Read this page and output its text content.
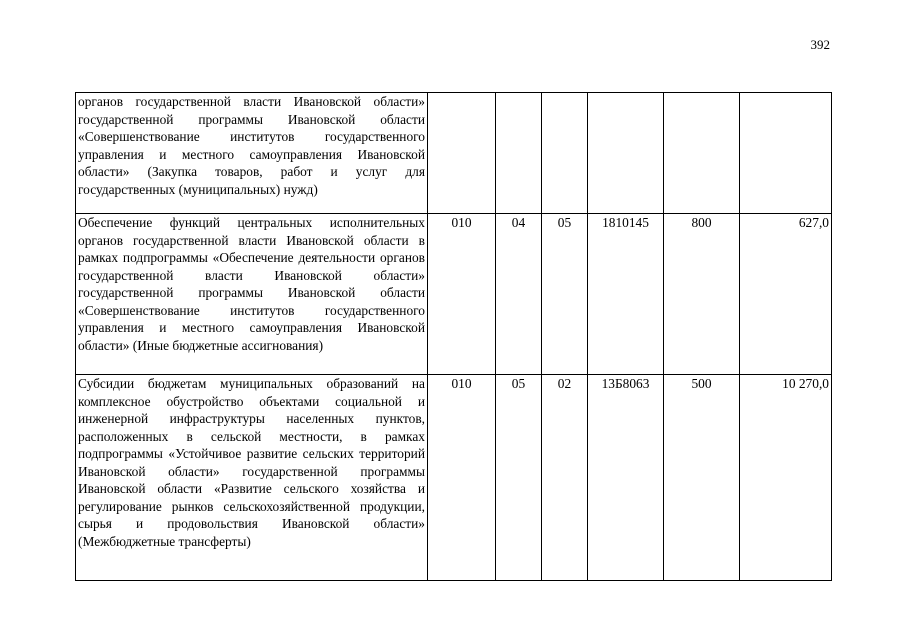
392
органов государственной власти Ивановской области» государственной программы Ивановской области «Совершенствование институтов государственного управления и местного самоуправления Ивановской области» (Закупка товаров, работ и услуг для государственных (муниципальных) нужд)						
Обеспечение функций центральных исполнительных органов государственной власти Ивановской области в рамках подпрограммы «Обеспечение деятельности органов государственной власти Ивановской области» государственной программы Ивановской области «Совершенствование институтов государственного управления и местного самоуправления Ивановской области» (Иные бюджетные ассигнования)	010	04	05	1810145	800	627,0
Субсидии бюджетам муниципальных образований на комплексное обустройство объектами социальной и инженерной инфраструктуры населенных пунктов, расположенных в сельской местности, в рамках подпрограммы «Устойчивое развитие сельских территорий Ивановской области» государственной программы Ивановской области «Развитие сельского хозяйства и регулирование рынков сельскохозяйственной продукции, сырья и продовольствия Ивановской области» (Межбюджетные трансферты)	010	05	02	13Б8063	500	10 270,0
